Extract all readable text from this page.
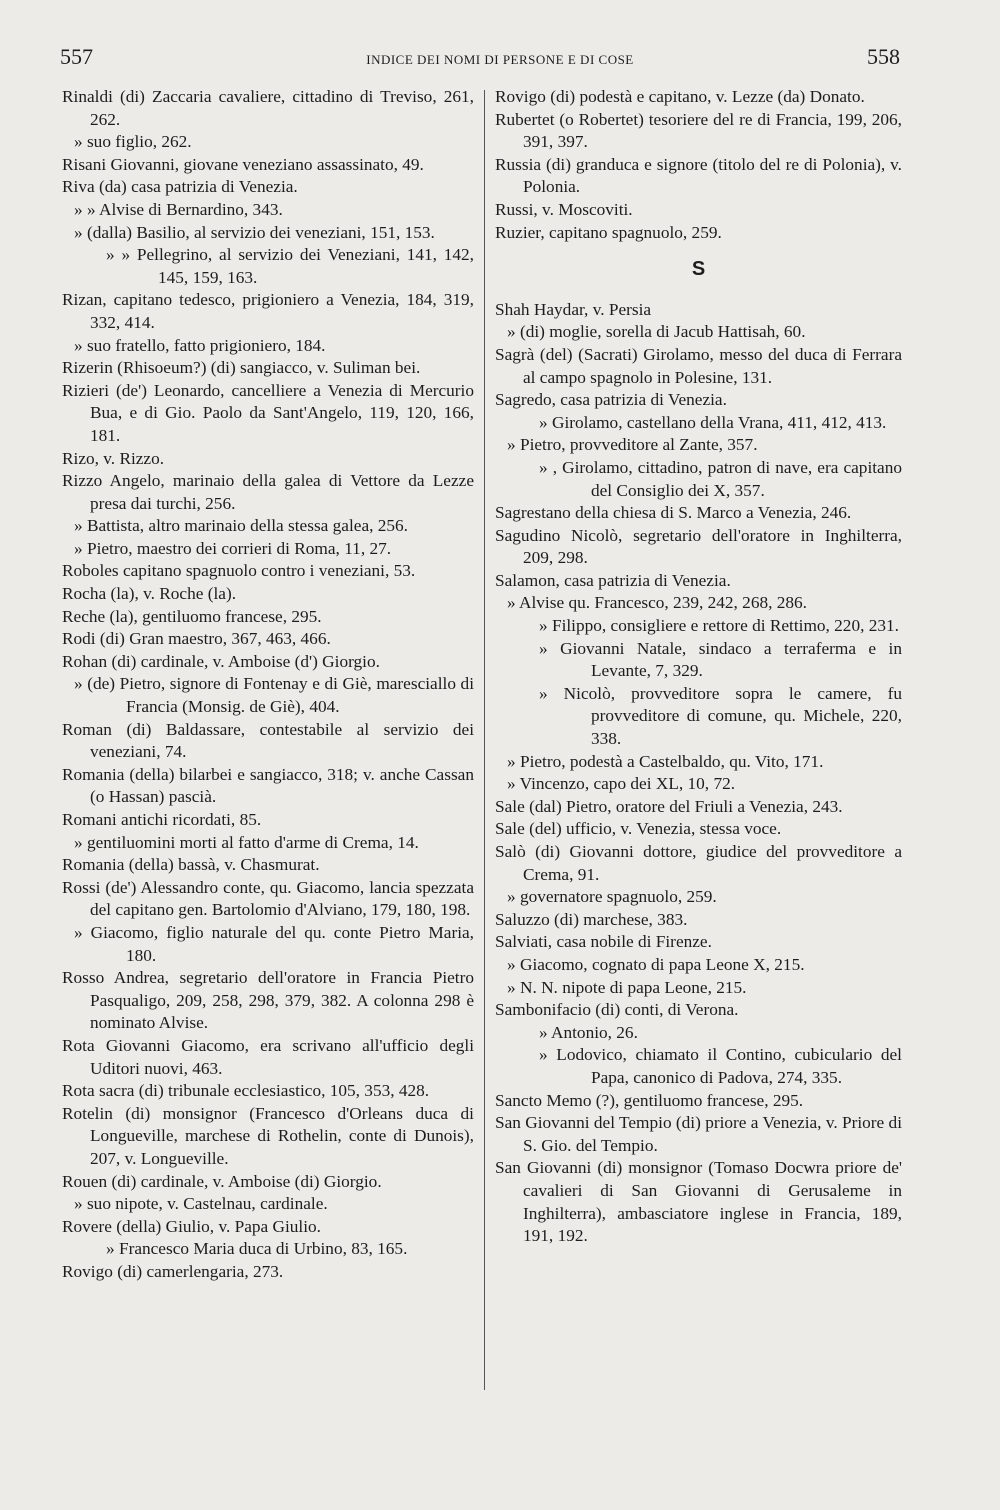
557	INDICE DEI NOMI DI PERSONE E DI COSE	558
Rinaldi (di) Zaccaria cavaliere, cittadino di Treviso, 261, 262.
» suo figlio, 262.
Risani Giovanni, giovane veneziano assassinato, 49.
Riva (da) casa patrizia di Venezia.
» » Alvise di Bernardino, 343.
» (dalla) Basilio, al servizio dei veneziani, 151, 153.
» » Pellegrino, al servizio dei Veneziani, 141, 142, 145, 159, 163.
Rizan, capitano tedesco, prigioniero a Venezia, 184, 319, 332, 414.
» suo fratello, fatto prigioniero, 184.
Rizerin (Rhisoeum?) (di) sangiacco, v. Suliman bei.
Rizieri (de') Leonardo, cancelliere a Venezia di Mercurio Bua, e di Gio. Paolo da Sant'Angelo, 119, 120, 166, 181.
Rizo, v. Rizzo.
Rizzo Angelo, marinaio della galea di Vettore da Lezze presa dai turchi, 256.
» Battista, altro marinaio della stessa galea, 256.
» Pietro, maestro dei corrieri di Roma, 11, 27.
Roboles capitano spagnuolo contro i veneziani, 53.
Rocha (la), v. Roche (la).
Reche (la), gentiluomo francese, 295.
Rodi (di) Gran maestro, 367, 463, 466.
Rohan (di) cardinale, v. Amboise (d') Giorgio.
» (de) Pietro, signore di Fontenay e di Giè, maresciallo di Francia (Monsig. de Giè), 404.
Roman (di) Baldassare, contestabile al servizio dei veneziani, 74.
Romania (della) bilarbei e sangiacco, 318; v. anche Cassan (o Hassan) pascià.
Romani antichi ricordati, 85.
» gentiluomini morti al fatto d'arme di Crema, 14.
Romania (della) bassà, v. Chasmurat.
Rossi (de') Alessandro conte, qu. Giacomo, lancia spezzata del capitano gen. Bartolomio d'Alviano, 179, 180, 198.
» Giacomo, figlio naturale del qu. conte Pietro Maria, 180.
Rosso Andrea, segretario dell'oratore in Francia Pietro Pasqualigo, 209, 258, 298, 379, 382. A colonna 298 è nominato Alvise.
Rota Giovanni Giacomo, era scrivano all'ufficio degli Uditori nuovi, 463.
Rota sacra (di) tribunale ecclesiastico, 105, 353, 428.
Rotelin (di) monsignor (Francesco d'Orleans duca di Longueville, marchese di Rothelin, conte di Dunois), 207, v. Longueville.
Rouen (di) cardinale, v. Amboise (di) Giorgio.
» suo nipote, v. Castelnau, cardinale.
Rovere (della) Giulio, v. Papa Giulio.
» Francesco Maria duca di Urbino, 83, 165.
Rovigo (di) camerlengaria, 273.
Rovigo (di) podestà e capitano, v. Lezze (da) Donato.
Rubertet (o Robertet) tesoriere del re di Francia, 199, 206, 391, 397.
Russia (di) granduca e signore (titolo del re di Polonia), v. Polonia.
Russi, v. Moscoviti.
Ruzier, capitano spagnuolo, 259.
S
Shah Haydar, v. Persia
» (di) moglie, sorella di Jacub Hattisah, 60.
Sagrà (del) (Sacrati) Girolamo, messo del duca di Ferrara al campo spagnolo in Polesine, 131.
Sagredo, casa patrizia di Venezia.
» Girolamo, castellano della Vrana, 411, 412, 413.
» Pietro, provveditore al Zante, 357.
» , Girolamo, cittadino, patron di nave, era capitano del Consiglio dei X, 357.
Sagrestano della chiesa di S. Marco a Venezia, 246.
Sagudino Nicolò, segretario dell'oratore in Inghilterra, 209, 298.
Salamon, casa patrizia di Venezia.
» Alvise qu. Francesco, 239, 242, 268, 286.
» Filippo, consigliere e rettore di Rettimo, 220, 231.
» Giovanni Natale, sindaco a terraferma e in Levante, 7, 329.
» Nicolò, provveditore sopra le camere, fu provveditore di comune, qu. Michele, 220, 338.
» Pietro, podestà a Castelbaldo, qu. Vito, 171.
» Vincenzo, capo dei XL, 10, 72.
Sale (dal) Pietro, oratore del Friuli a Venezia, 243.
Sale (del) ufficio, v. Venezia, stessa voce.
Salò (di) Giovanni dottore, giudice del provveditore a Crema, 91.
» governatore spagnuolo, 259.
Saluzzo (di) marchese, 383.
Salviati, casa nobile di Firenze.
» Giacomo, cognato di papa Leone X, 215.
» N. N. nipote di papa Leone, 215.
Sambonifacio (di) conti, di Verona.
» Antonio, 26.
» Lodovico, chiamato il Contino, cubiculario del Papa, canonico di Padova, 274, 335.
Sancto Memo (?), gentiluomo francese, 295.
San Giovanni del Tempio (di) priore a Venezia, v. Priore di S. Gio. del Tempio.
San Giovanni (di) monsignor (Tomaso Docwra priore de' cavalieri di San Giovanni di Gerusaleme in Inghilterra), ambasciatore inglese in Francia, 189, 191, 192.
